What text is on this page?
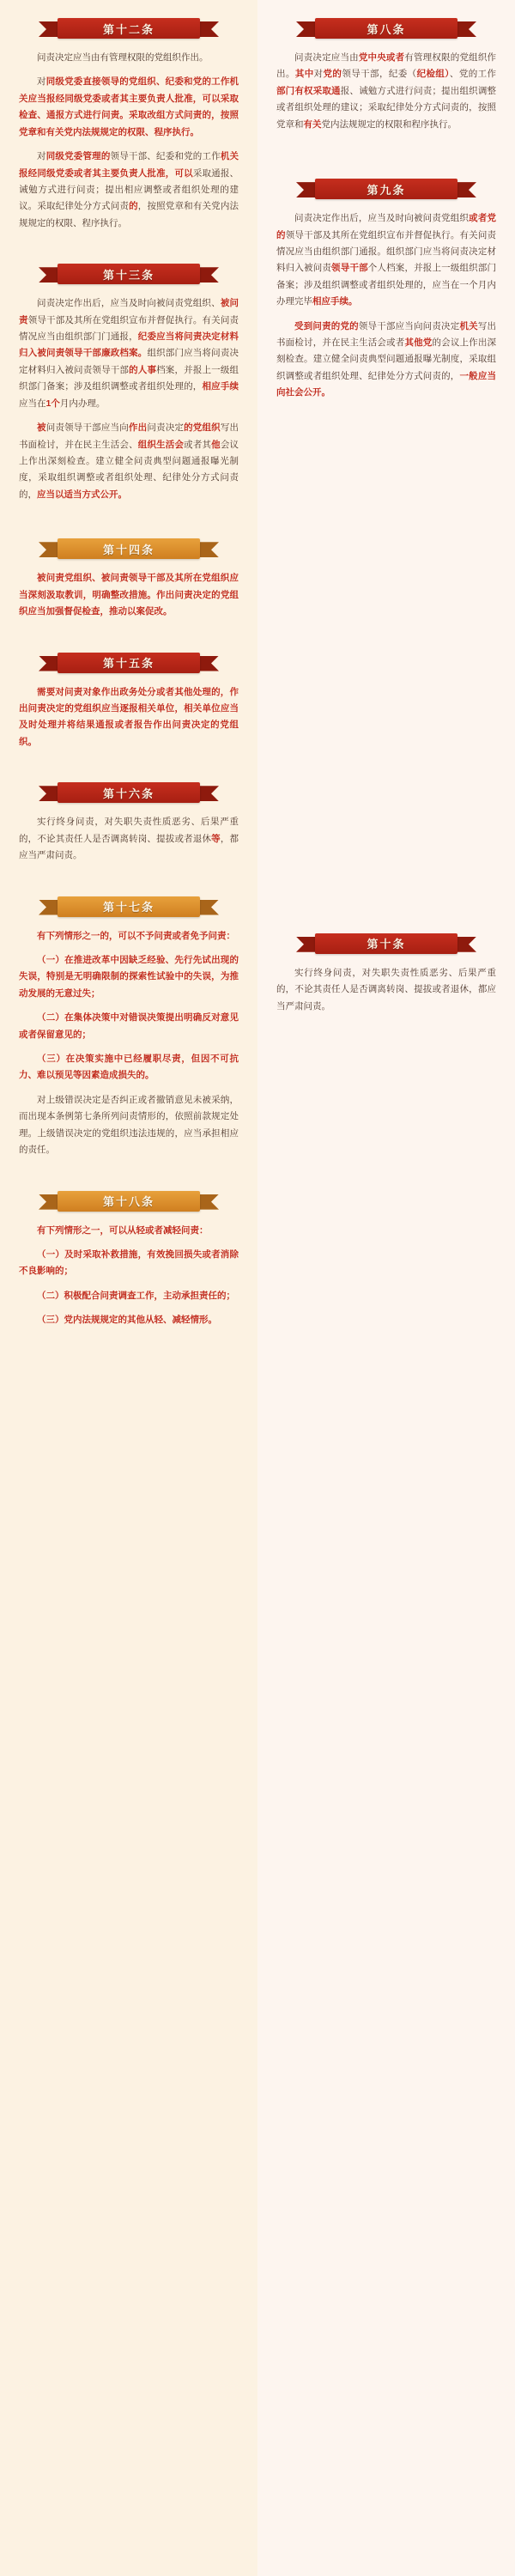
第十二条

问责决定应当由有管理权限的党组织作出。

对同级党委直接领导的党组织、纪委和党的工作机关应当报经同级党委或者其主要负责人批准，可以采取检查、通报方式进行问责。采取改组方式问责的，按照党章和有关党内法规规定的权限、程序执行。

对同级党委管理的领导干部、纪委和党的工作机关报经同级党委或者其主要负责人批准，可以采取通报、诫勉方式进行问责；提出相应调整或者组织处理的建议。采取纪律处分方式问责的，按照党章和有关党内法规规定的权限、程序执行。

第十三条

问责决定作出后，应当及时向被问责党组织、被问责领导干部及其所在党组织宣布并督促执行。有关问责情况应当由组织部门门通报，纪委应当将问责决定材料归入被问责领导干部廉政档案。组织部门应当将问责决定材料归入被问责领导干部的人事档案，并报上一级组织部门备案；涉及组织调整或者组织处理的，相应手续应当在1个月内办理。

被问责领导干部应当向作出问责决定的党组织写出书面检讨，并在民主生活会、组织生活会或者其他会议上作出深刻检查。建立健全问责典型问题通报曝光制度，采取组织调整或者组织处理、纪律处分方式问责的，应当以适当方式公开。

第十四条

被问责党组织、被问责领导干部及其所在党组织应当深刻汲取教训，明确整改措施。作出问责决定的党组织应当加强督促检查，推动以案促改。

第十五条

需要对问责对象作出政务处分或者其他处理的，作出问责决定的党组织应当逐报相关单位，相关单位应当及时处理并将结果通报或者报告作出问责决定的党组织。

第十六条

实行终身问责，对失职失责性质恶劣、后果严重的，不论其责任人是否调离转岗、提拔或者退休等，都应当严肃问责。

第十七条

有下列情形之一的，可以不予问责或者免予问责：

（一）在推进改革中因缺乏经验、先行先试出现的失误，特别是无明确限制的探索性试验中的失误，为推动发展的无意过失；

（二）在集体决策中对错误决策提出明确反对意见或者保留意见的；

（三）在决策实施中已经履职尽责，但因不可抗力、难以预见等因素造成损失的。

对上级错误决定是否纠正或者撤销意见未被采纳，而出现本条例第七条所列问责情形的，依照前款规定处理。上级错误决定的党组织违法违规的，应当承担相应的责任。

第十八条

有下列情形之一，可以从轻或者减轻问责：

（一）及时采取补救措施，有效挽回损失或者消除不良影响的；

（二）积极配合问责调查工作，主动承担责任的；

（三）党内法规规定的其他从轻、减轻情形。

第八条

问责决定应当由党中央或者有管理权限的党组织作出。其中对党的领导干部，纪委（纪检组）、党的工作部门有权采取通报、诫勉方式进行问责；提出组织调整或者组织处理的建议；采取纪律处分方式问责的，按照党章和有关党内法规规定的权限和程序执行。

第九条

问责决定作出后，应当及时向被问责党组织或者党的领导干部及其所在党组织宣布并督促执行。有关问责情况应当由组织部门通报。组织部门应当将问责决定材料归入被问责领导干部个人档案，并报上一级组织部门备案；涉及组织调整或者组织处理的，应当在一个月内办理完毕相应手续。

受到问责的党的领导干部应当向问责决定机关写出书面检讨，并在民主生活会或者其他党的会议上作出深刻检查。建立健全问责典型问题通报曝光制度，采取组织调整或者组织处理、纪律处分方式问责的，一般应当向社会公开。

第十条

实行终身问责，对失职失责性质恶劣、后果严重的，不论其责任人是否调离转岗、提拔或者退休，都应当严肃问责。
